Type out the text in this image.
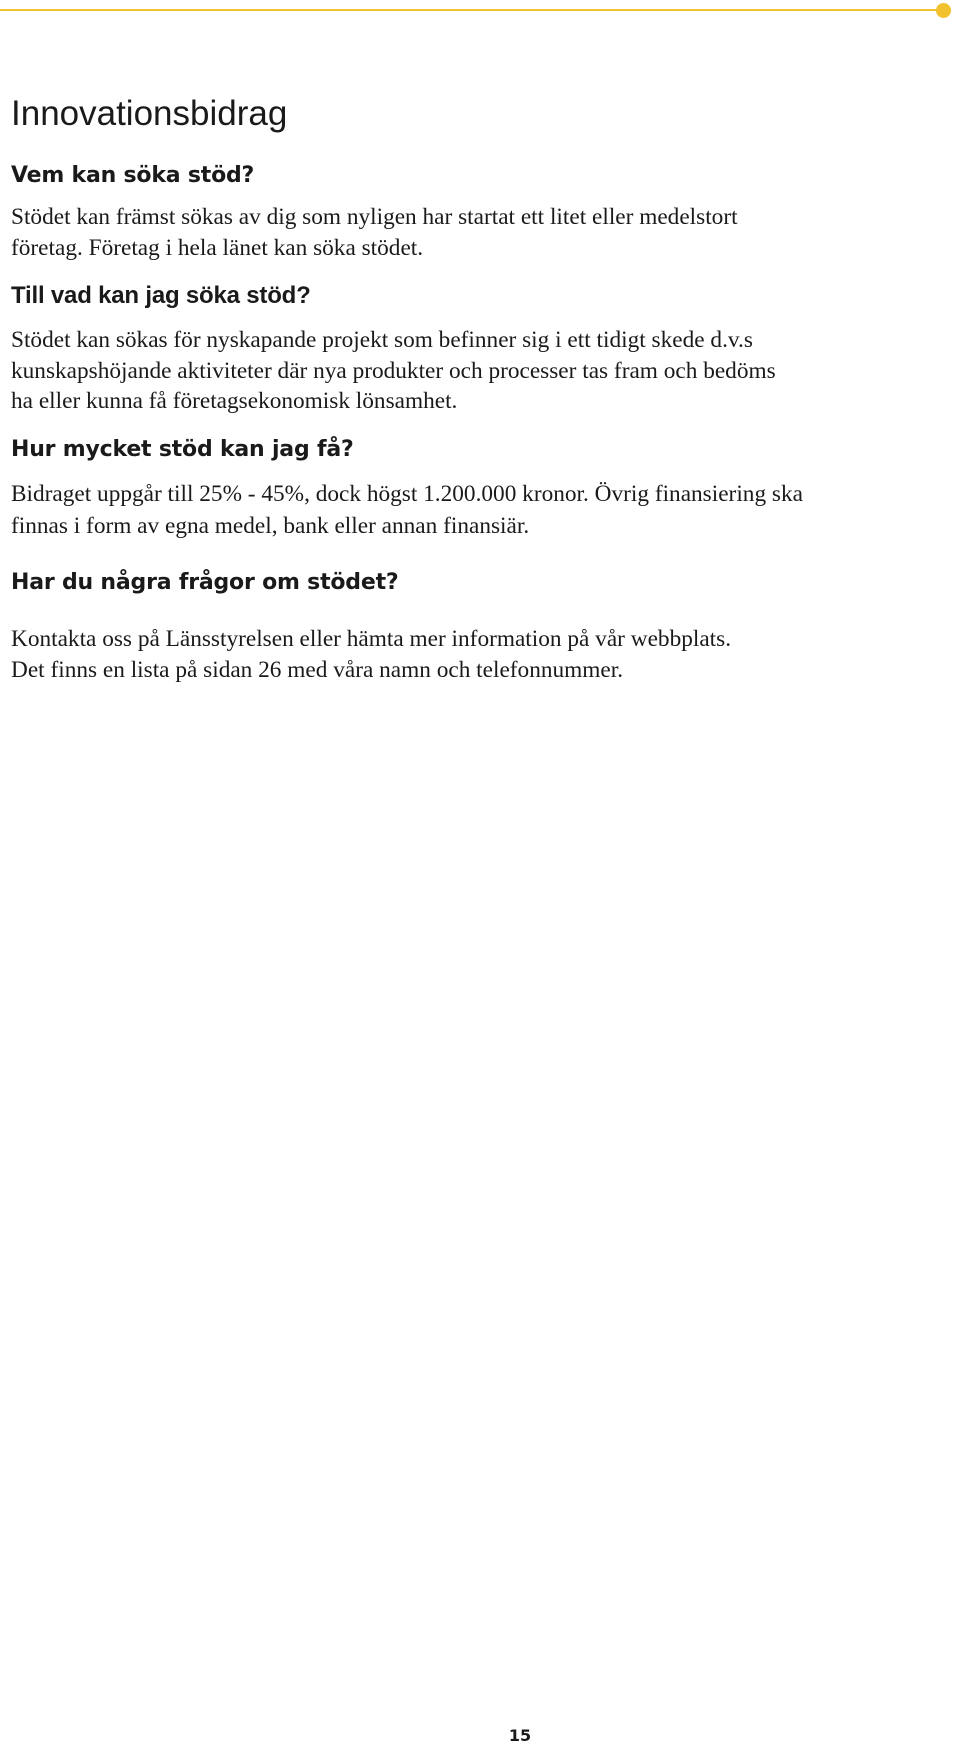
Innovationsbidrag
Vem kan söka stöd?
Stödet kan främst sökas av dig som nyligen har startat ett litet eller medelstort
företag. Företag i hela länet kan söka stödet.
Till vad kan jag söka stöd?
Stödet kan sökas för nyskapande projekt som befinner sig i ett tidigt skede d.v.s
kunskapshöjande aktiviteter där nya produkter och processer tas fram och bedöms
ha eller kunna få företagsekonomisk lönsamhet.
Hur mycket stöd kan jag få?
Bidraget uppgår till 25% - 45%, dock högst 1.200.000 kronor. Övrig finansiering ska
finnas i form av egna medel, bank eller annan finansiär.
Har du några frågor om stödet?
Kontakta oss på Länsstyrelsen eller hämta mer information på vår webbplats.
Det finns en lista på sidan 26 med våra namn och telefonnummer.
15
